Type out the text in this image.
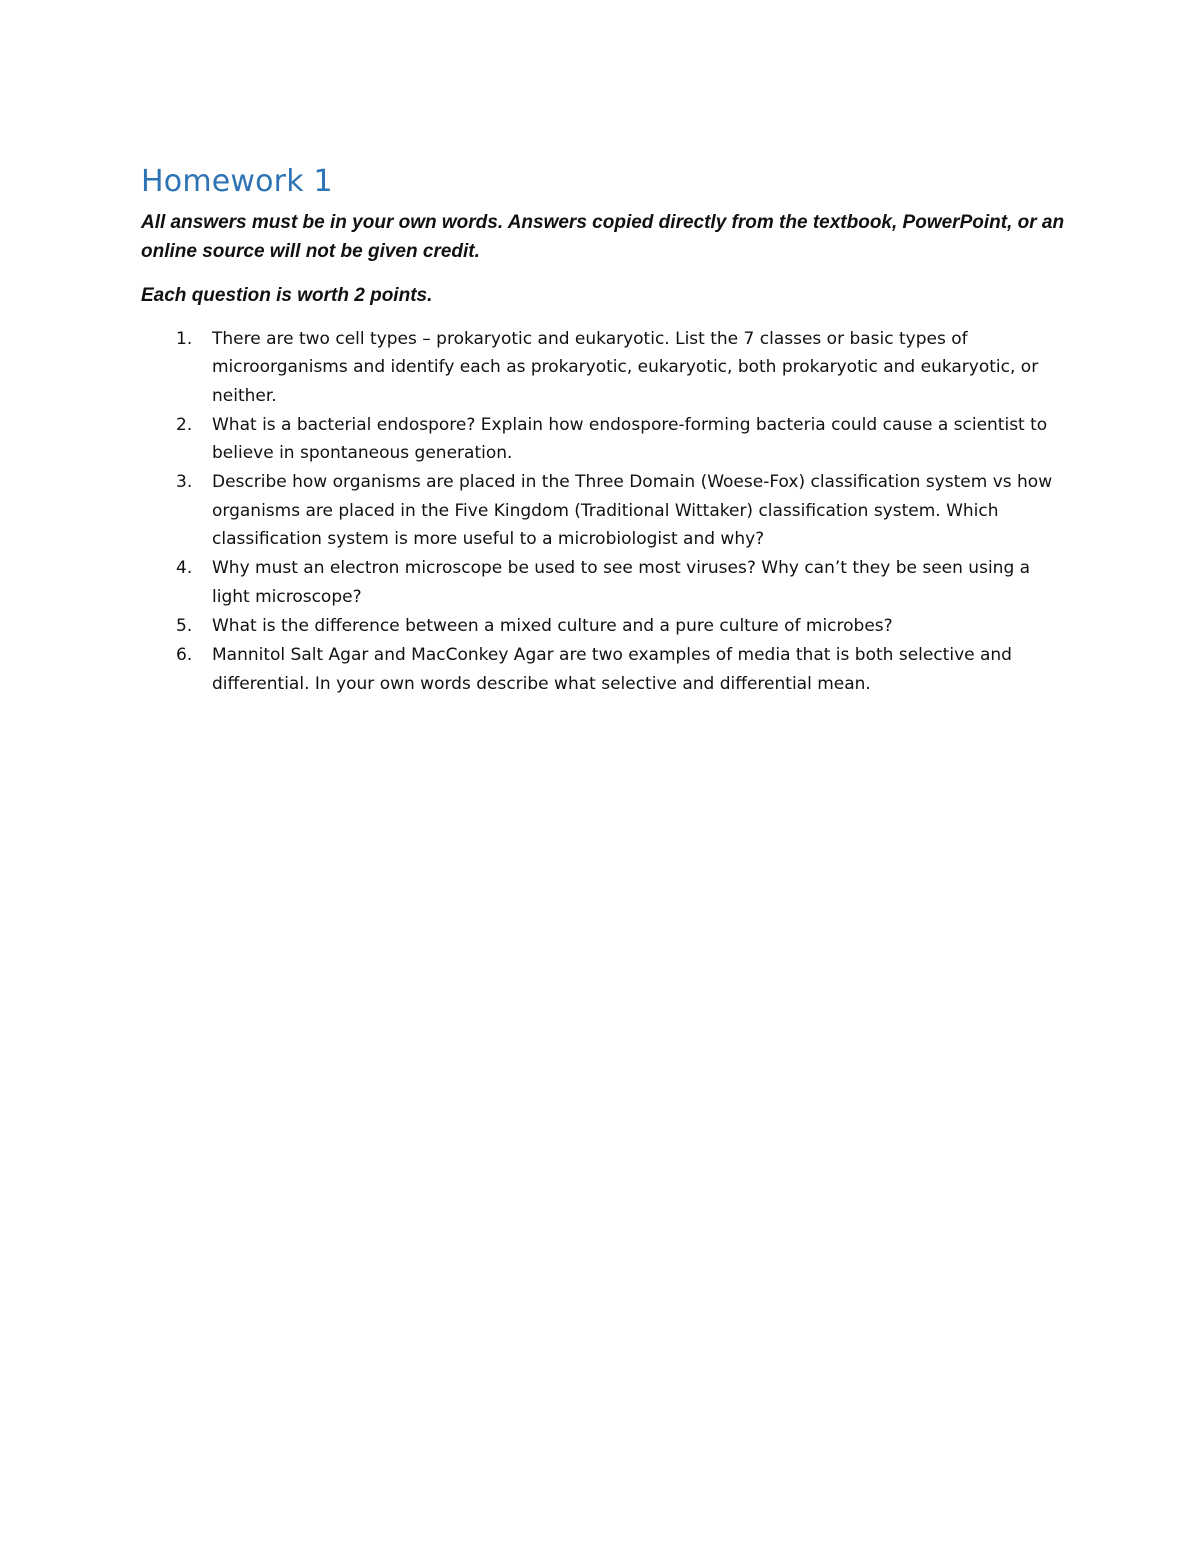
Homework 1

All answers must be in your own words. Answers copied directly from the textbook, PowerPoint, or an online source will not be given credit.

Each question is worth 2 points.

1. There are two cell types – prokaryotic and eukaryotic. List the 7 classes or basic types of microorganisms and identify each as prokaryotic, eukaryotic, both prokaryotic and eukaryotic, or neither.
2. What is a bacterial endospore? Explain how endospore-forming bacteria could cause a scientist to believe in spontaneous generation.
3. Describe how organisms are placed in the Three Domain (Woese-Fox) classification system vs how organisms are placed in the Five Kingdom (Traditional Wittaker) classification system. Which classification system is more useful to a microbiologist and why?
4. Why must an electron microscope be used to see most viruses? Why can’t they be seen using a light microscope?
5. What is the difference between a mixed culture and a pure culture of microbes?
6. Mannitol Salt Agar and MacConkey Agar are two examples of media that is both selective and differential. In your own words describe what selective and differential mean.
